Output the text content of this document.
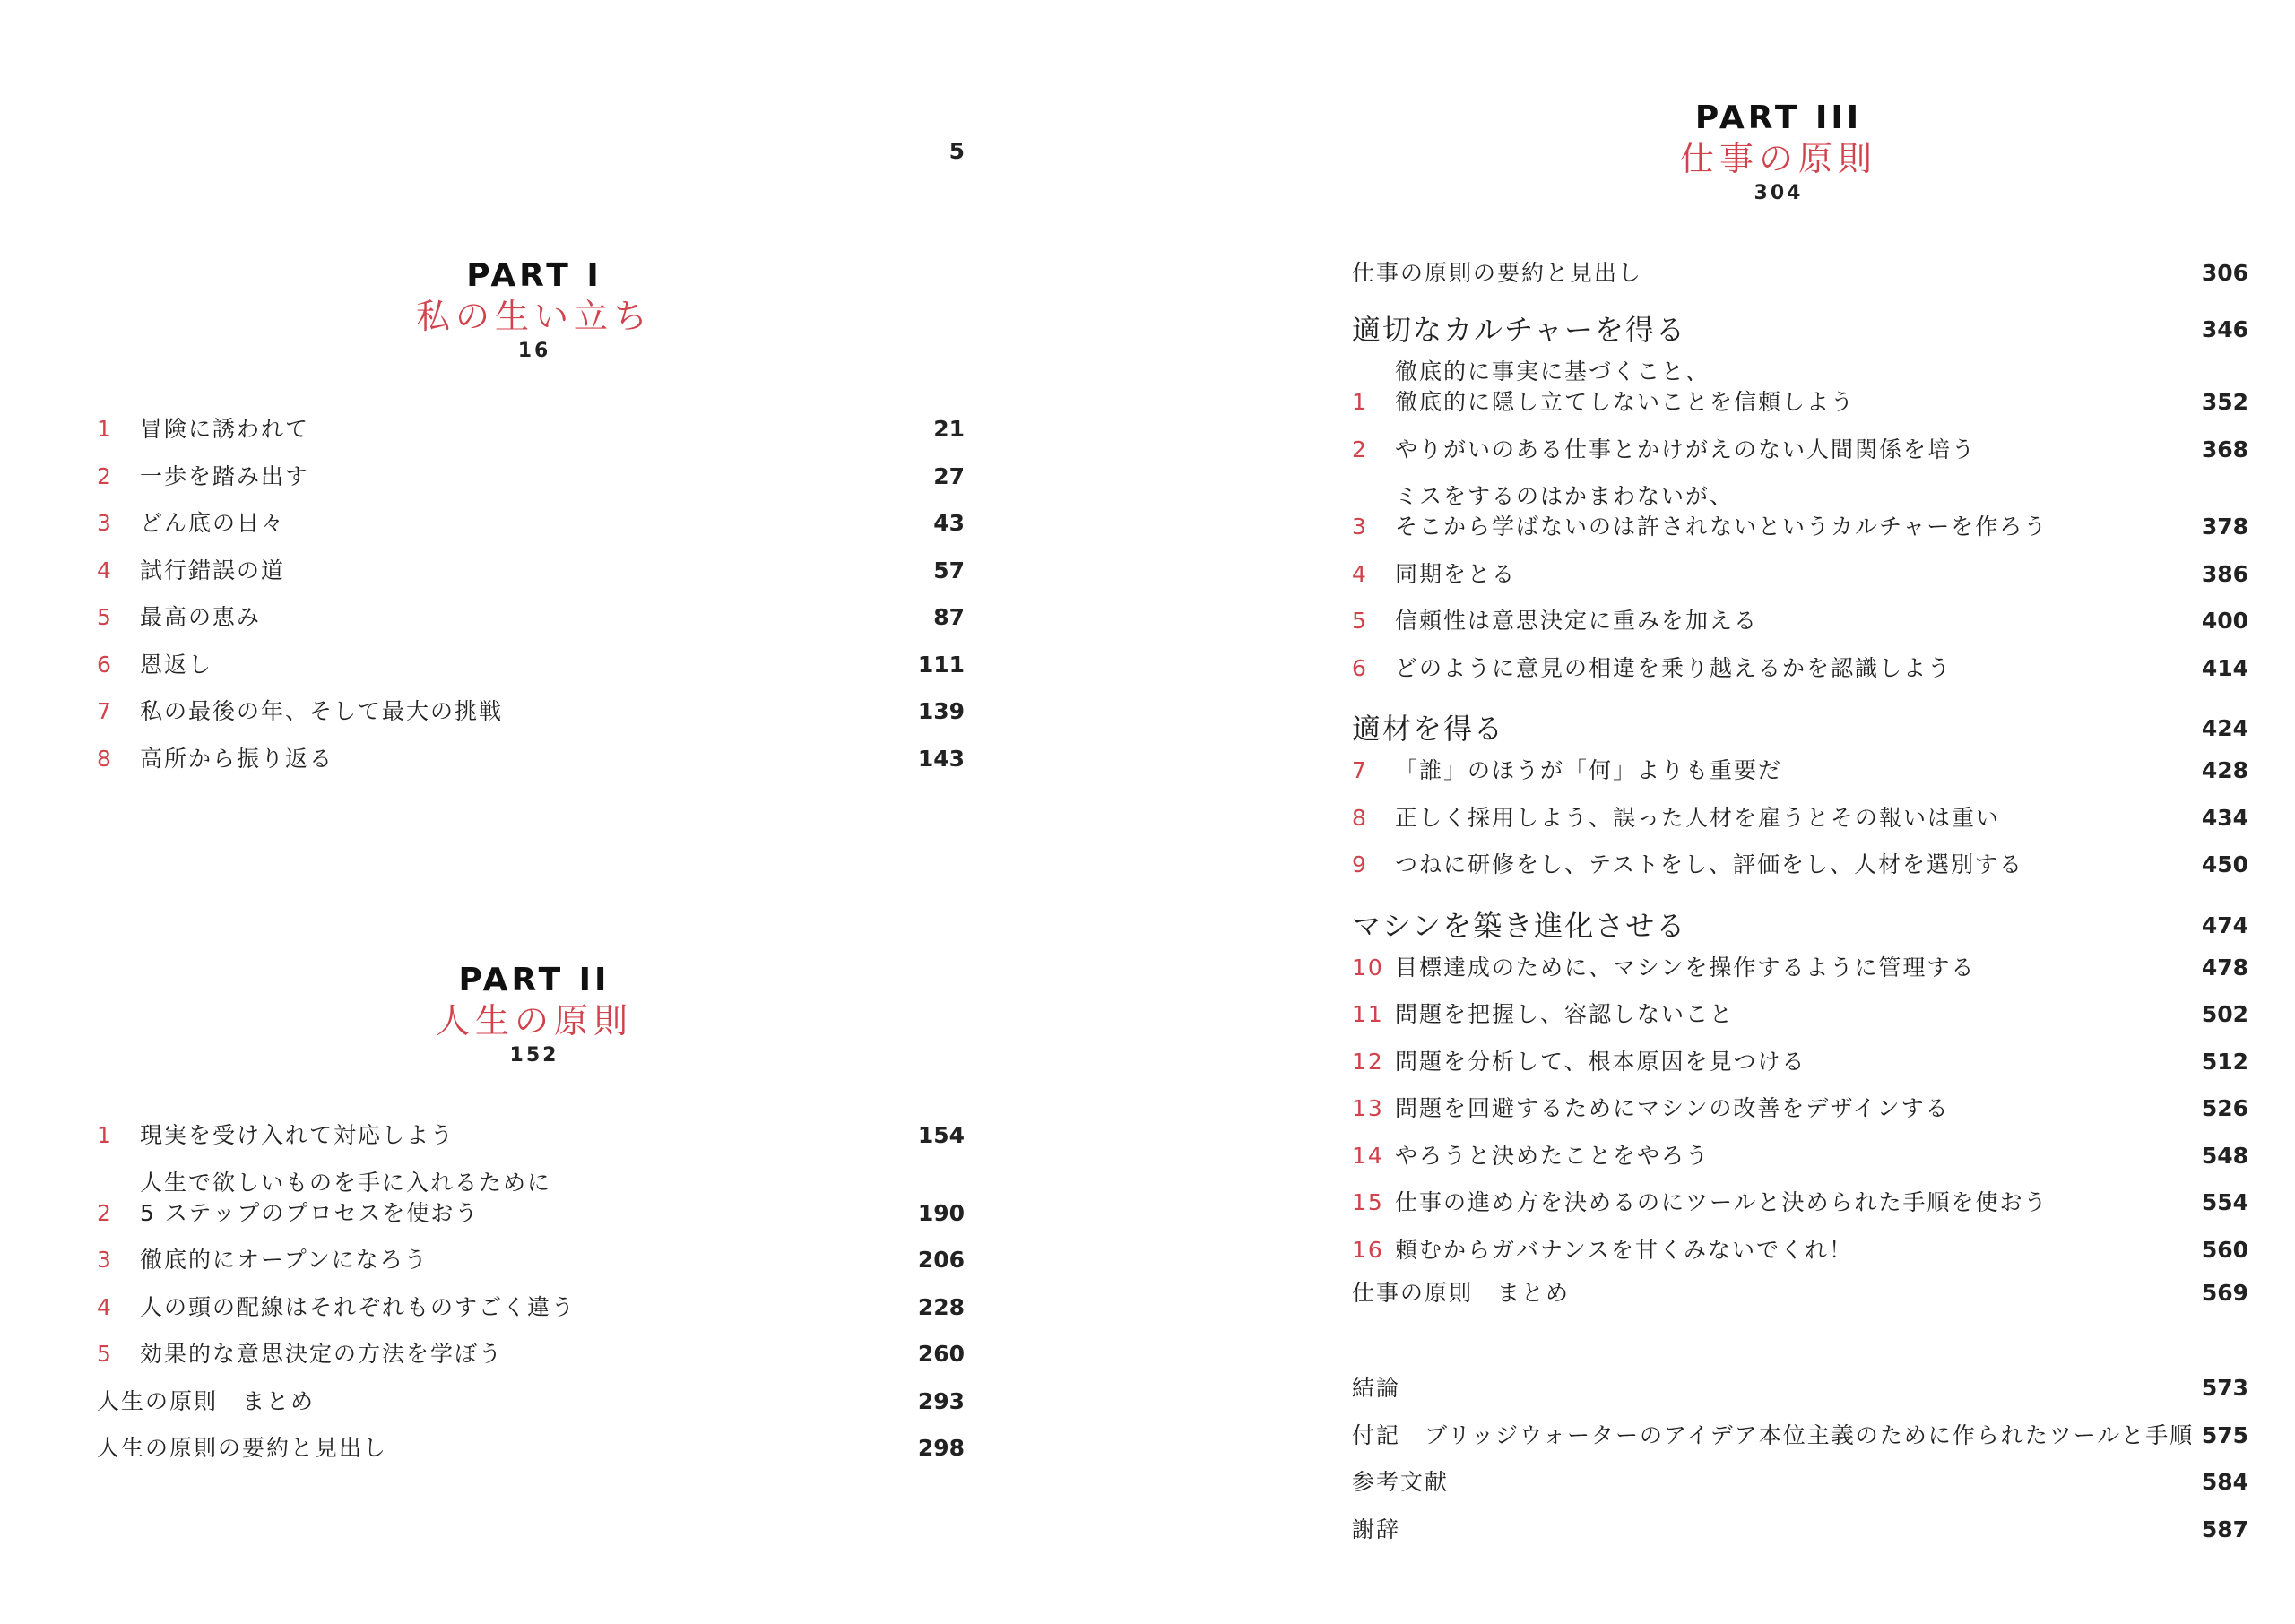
5
PART I
私の生い立ち
16
1	冒険に誘われて	21
2	一歩を踏み出す	27
3	どん底の日々	43
4	試行錯誤の道	57
5	最高の恵み	87
6	恩返し	111
7	私の最後の年、そして最大の挑戦	139
8	高所から振り返る	143
PART II
人生の原則
152
1	現実を受け入れて対応しよう	154
2
人生で欲しいものを手に入れるために
5 ステップのプロセスを使おう	190
3	徹底的にオープンになろう	206
4	人の頭の配線はそれぞれものすごく違う	228
5	効果的な意思決定の方法を学ぼう	260
人生の原則　まとめ	293
人生の原則の要約と見出し	298
PART III
仕事の原則
304
仕事の原則の要約と見出し	306
適切なカルチャーを得る	346
1
徹底的に事実に基づくこと、
徹底的に隠し立てしないことを信頼しよう	352
2	やりがいのある仕事とかけがえのない人間関係を培う	368
3
ミスをするのはかまわないが、
そこから学ばないのは許されないというカルチャーを作ろう	378
4	同期をとる	386
5	信頼性は意思決定に重みを加える	400
6	どのように意見の相違を乗り越えるかを認識しよう	414
適材を得る	424
7	「誰」のほうが「何」よりも重要だ	428
8	正しく採用しよう、誤った人材を雇うとその報いは重い	434
9	つねに研修をし、テストをし、評価をし、人材を選別する	450
マシンを築き進化させる	474
10 目標達成のために、マシンを操作するように管理する	478
11 問題を把握し、容認しないこと	502
12 問題を分析して、根本原因を見つける	512
13 問題を回避するためにマシンの改善をデザインする	526
14 やろうと決めたことをやろう	548
15 仕事の進め方を決めるのにツールと決められた手順を使おう	554
16 頼むからガバナンスを甘くみないでくれ！	560
仕事の原則　まとめ	569
結論	573
付記　ブリッジウォーターのアイデア本位主義のために作られたツールと手順 575
参考文献	584
謝辞	587
